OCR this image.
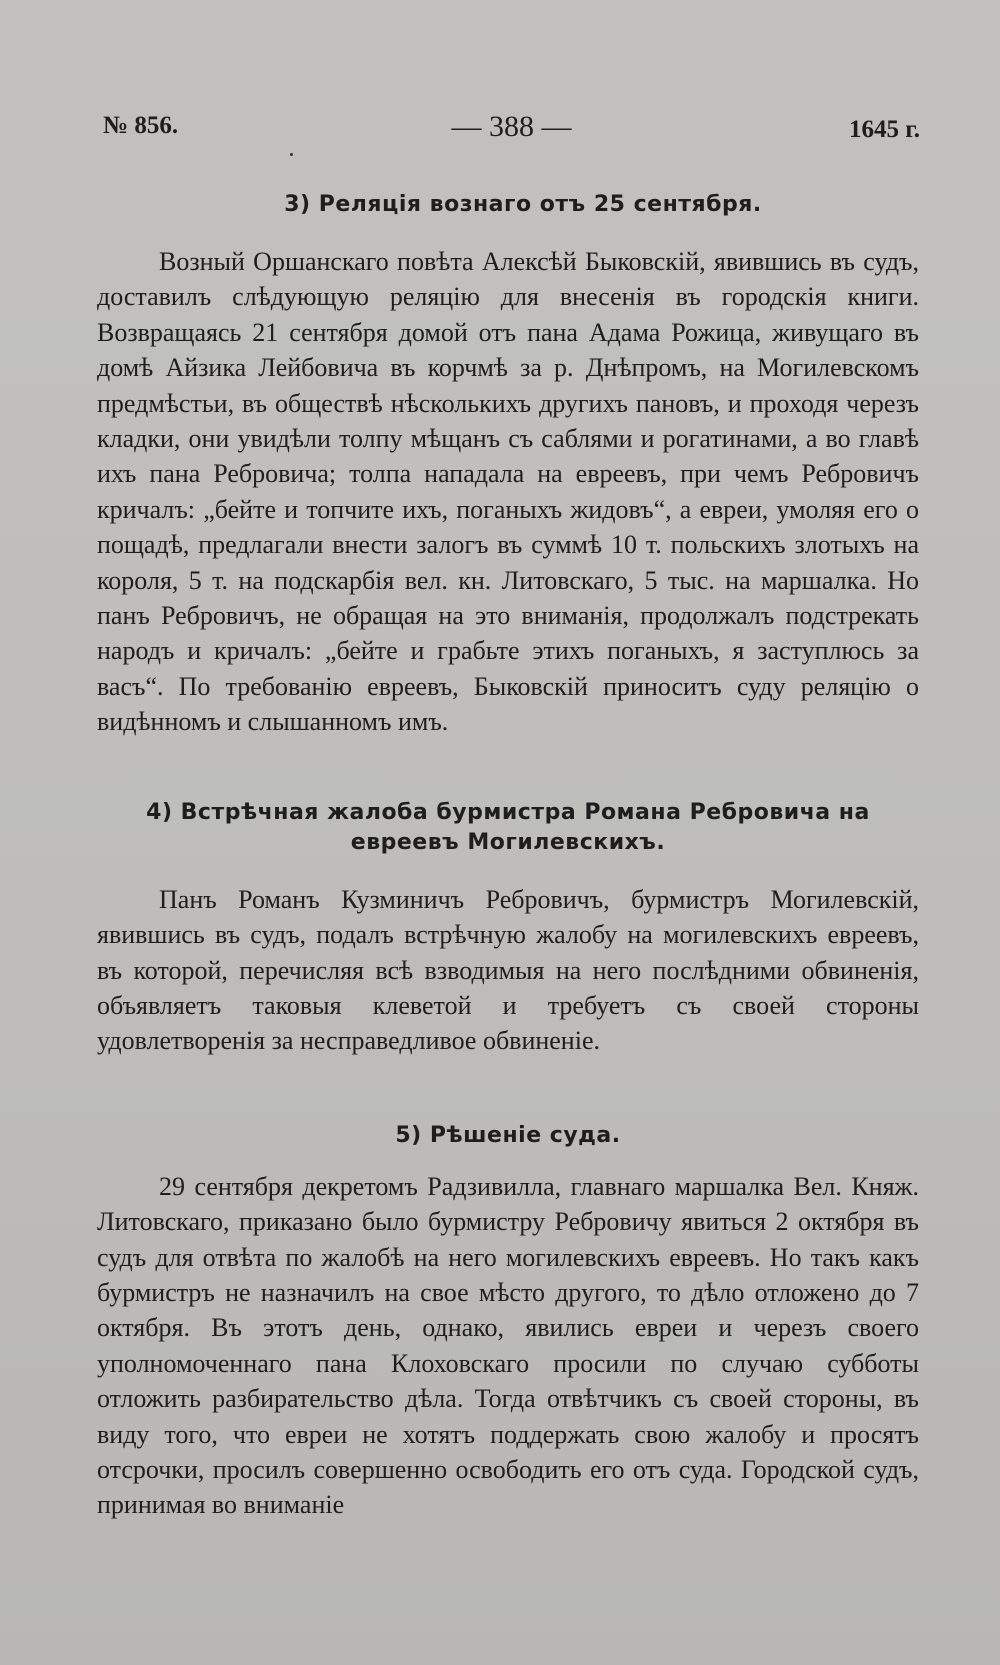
№ 856.	— 388 —	1645 г.
3) Реляція вознаго отъ 25 сентября.

Возный Оршанскаго повѣта Алексѣй Быковскій, явившись въ судъ, доставилъ слѣдующую реляцію для внесенія въ городскія книги. Возвращаясь 21 сентября домой отъ пана Адама Рожица, живущаго въ домѣ Айзика Лейбовича въ корчмѣ за р. Днѣпромъ, на Могилевскомъ предмѣстьи, въ обществѣ нѣсколькихъ другихъ пановъ, и проходя черезъ кладки, они увидѣли толпу мѣщанъ съ саблями и рогатинами, а во главѣ ихъ пана Ребровича; толпа нападала на евреевъ, при чемъ Ребровичъ кричалъ: „бейте и топчите ихъ, поганыхъ жидовъ“, а евреи, умоляя его о пощадѣ, предлагали внести залогъ въ суммѣ 10 т. польскихъ злотыхъ на короля, 5 т. на подскарбія вел. кн. Литовскаго, 5 тыс. на маршалка. Но панъ Ребровичъ, не обращая на это вниманія, продолжалъ подстрекать народъ и кричалъ: „бейте и грабьте этихъ поганыхъ, я заступлюсь за васъ“. По требованію евреевъ, Быковскій приноситъ суду реляцію о видѣнномъ и слышанномъ имъ.

4) Встрѣчная жалоба бурмистра Романа Ребровича на евреевъ Могилевскихъ.

Панъ Романъ Кузминичъ Ребровичъ, бурмистръ Могилевскій, явившись въ судъ, подалъ встрѣчную жалобу на могилевскихъ евреевъ, въ которой, перечисляя всѣ взводимыя на него послѣдними обвиненія, объявляетъ таковыя клеветой и требуетъ съ своей стороны удовлетворенія за несправедливое обвиненіе.

5) Рѣшеніе суда.

29 сентября декретомъ Радзивилла, главнаго маршалка Вел. Княж. Литовскаго, приказано было бурмистру Ребровичу явиться 2 октября въ судъ для отвѣта по жалобѣ на него могилевскихъ евреевъ. Но такъ какъ бурмистръ не назначилъ на свое мѣсто другого, то дѣло отложено до 7 октября. Въ этотъ день, однако, явились евреи и черезъ своего уполномоченнаго пана Клоховскаго просили по случаю субботы отложить разбирательство дѣла. Тогда отвѣтчикъ съ своей стороны, въ виду того, что евреи не хотятъ поддержать свою жалобу и просятъ отсрочки, просилъ совершенно освободить его отъ суда. Городской судъ, принимая во вниманіе
